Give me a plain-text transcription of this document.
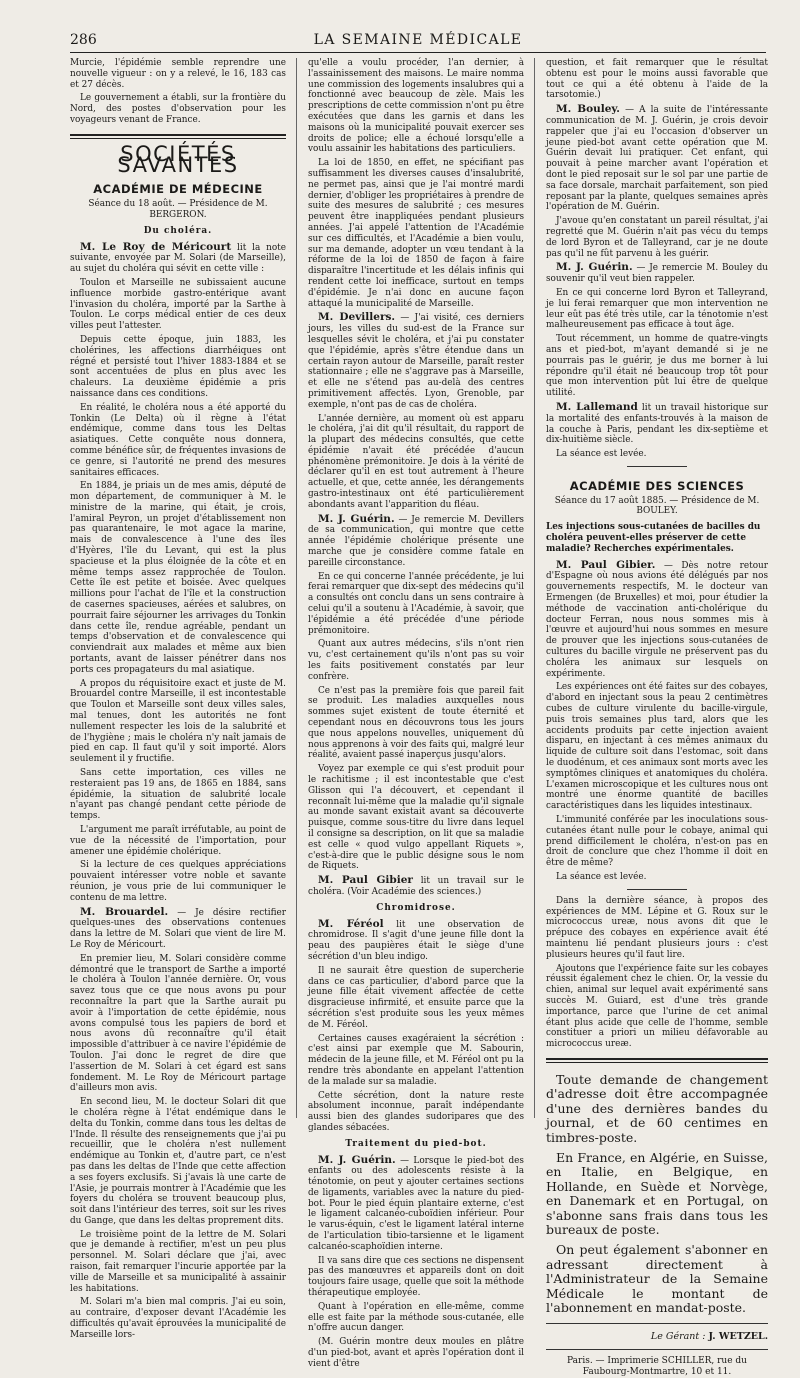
286	LA SEMAINE MÉDICALE

Murcie, l'épidémie semble reprendre une nouvelle vigueur : on y a relevé, le 16, 183 cas et 27 décès.

Le gouvernement a établi, sur la frontière du Nord, des postes d'observation pour les voyageurs venant de France.

SOCIÉTÉS SAVANTES
ACADÉMIE DE MÉDECINE
Séance du 18 août. — Présidence de M. BERGERON.
Du choléra.

M. Le Roy de Méricourt lit la note suivante, envoyée par M. Solari (de Marseille), au sujet du choléra qui sévit en cette ville :

Toulon et Marseille ne subissaient aucune influence morbide gastro-entérique avant l'invasion du choléra, importé par la Sarthe à Toulon. Le corps médical entier de ces deux villes peut l'attester.

Depuis cette époque, juin 1883, les cholérines, les affections diarrhéiques ont régné et persisté tout l'hiver 1883-1884 et se sont accentuées de plus en plus avec les chaleurs. La deuxième épidémie a pris naissance dans ces conditions.

En réalité, le choléra nous a été apporté du Tonkin (Le Delta) où il règne à l'état endémique, comme dans tous les Deltas asiatiques. Cette conquête nous donnera, comme bénéfice sûr, de fréquentes invasions de ce genre, si l'autorité ne prend des mesures sanitaires efficaces.

En 1884, je priais un de mes amis, député de mon département, de communiquer à M. le ministre de la marine, qui était, je crois, l'amiral Peyron, un projet d'établissement non pas quarantenaire, le mot agace la marine, mais de convalescence à l'une des îles d'Hyères, l'île du Levant, qui est la plus spacieuse et la plus éloignée de la côte et en même temps assez rapprochée de Toulon. Cette île est petite et boisée. Avec quelques millions pour l'achat de l'île et la construction de casernes spacieuses, aérées et salubres, on pourrait faire séjourner les arrivages du Tonkin dans cette île, rendue agréable, pendant un temps d'observation et de convalescence qui conviendrait aux malades et même aux bien portants, avant de laisser pénétrer dans nos ports ces propagateurs du mal asiatique.

A propos du réquisitoire exact et juste de M. Brouardel contre Marseille, il est incontestable que Toulon et Marseille sont deux villes sales, mal tenues, dont les autorités ne font nullement respecter les lois de la salubrité et de l'hygiène ; mais le choléra n'y naît jamais de pied en cap. Il faut qu'il y soit importé. Alors seulement il y fructifie.

Sans cette importation, ces villes ne resteraient pas 19 ans, de 1865 en 1884, sans épidémie, la situation de salubrité locale n'ayant pas changé pendant cette période de temps.

L'argument me paraît irréfutable, au point de vue de la nécessité de l'importation, pour amener une épidémie cholérique.

Si la lecture de ces quelques appréciations pouvaient intéresser votre noble et savante réunion, je vous prie de lui communiquer le contenu de ma lettre.

M. Brouardel. — Je désire rectifier quelques-unes des observations contenues dans la lettre de M. Solari que vient de lire M. Le Roy de Méricourt.

En premier lieu, M. Solari considère comme démontré que le transport de Sarthe a importé le choléra à Toulon l'année dernière. Or, vous savez tous que ce que nous avons pu pour reconnaître la part que la Sarthe aurait pu avoir à l'importation de cette épidémie, nous avons compulsé tous les papiers de bord et nous avons dû reconnaître qu'il était impossible d'attribuer à ce navire l'épidémie de Toulon. J'ai donc le regret de dire que l'assertion de M. Solari à cet égard est sans fondement. M. Le Roy de Méricourt partage d'ailleurs mon avis.

En second lieu, M. le docteur Solari dit que le choléra règne à l'état endémique dans le delta du Tonkin, comme dans tous les deltas de l'Inde. Il résulte des renseignements que j'ai pu recueillir, que le choléra n'est nullement endémique au Tonkin et, d'autre part, ce n'est pas dans les deltas de l'Inde que cette affection a ses foyers exclusifs. Si j'avais là une carte de l'Asie, je pourrais montrer à l'Académie que les foyers du choléra se trouvent beaucoup plus, soit dans l'intérieur des terres, soit sur les rives du Gange, que dans les deltas proprement dits.

Le troisième point de la lettre de M. Solari que je demande à rectifier, m'est un peu plus personnel. M. Solari déclare que j'ai, avec raison, fait remarquer l'incurie apportée par la ville de Marseille et sa municipalité à assainir les habitations.

M. Solari m'a bien mal compris. J'ai eu soin, au contraire, d'exposer devant l'Académie les difficultés qu'avait éprouvées la municipalité de Marseille lors-

qu'elle a voulu procéder, l'an dernier, à l'assainissement des maisons. Le maire nomma une commission des logements insalubres qui a fonctionné avec beaucoup de zèle. Mais les prescriptions de cette commission n'ont pu être exécutées que dans les garnis et dans les maisons où la municipalité pouvait exercer ses droits de police; elle a échoué lorsqu'elle a voulu assainir les habitations des particuliers.

La loi de 1850, en effet, ne spécifiant pas suffisamment les diverses causes d'insalubrité, ne permet pas, ainsi que je l'ai montré mardi dernier, d'obliger les propriétaires à prendre de suite des mesures de salubrité ; ces mesures peuvent être inappliquées pendant plusieurs années. J'ai appelé l'attention de l'Académie sur ces difficultés, et l'Académie a bien voulu, sur ma demande, adopter un vœu tendant à la réforme de la loi de 1850 de façon à faire disparaître l'incertitude et les délais infinis qui rendent cette loi inefficace, surtout en temps d'épidémie. Je n'ai donc en aucune façon attaqué la municipalité de Marseille.

M. Devillers. — J'ai visité, ces derniers jours, les villes du sud-est de la France sur lesquelles sévit le choléra, et j'ai pu constater que l'épidémie, après s'être étendue dans un certain rayon autour de Marseille, paraît rester stationnaire ; elle ne s'aggrave pas à Marseille, et elle ne s'étend pas au-delà des centres primitivement affectés. Lyon, Grenoble, par exemple, n'ont pas de cas de choléra.

L'année dernière, au moment où est apparu le choléra, j'ai dit qu'il résultait, du rapport de la plupart des médecins consultés, que cette épidémie n'avait été précédée d'aucun phénomène prémonitoire. Je dois à la vérité de déclarer qu'il en est tout autrement à l'heure actuelle, et que, cette année, les dérangements gastro-intestinaux ont été particulièrement abondants avant l'apparition du fléau.

M. J. Guérin. — Je remercie M. Devillers de sa communication, qui montre que cette année l'épidémie cholérique présente une marche que je considère comme fatale en pareille circonstance.

En ce qui concerne l'année précédente, je lui ferai remarquer que dix-sept des médecins qu'il a consultés ont conclu dans un sens contraire à celui qu'il a soutenu à l'Académie, à savoir, que l'épidémie a été précédée d'une période prémonitoire.

Quant aux autres médecins, s'ils n'ont rien vu, c'est certainement qu'ils n'ont pas su voir les faits positivement constatés par leur confrère.

Ce n'est pas la première fois que pareil fait se produit. Les maladies auxquelles nous sommes sujet existent de toute éternité et cependant nous en découvrons tous les jours que nous appelons nouvelles, uniquement dû nous apprenons à voir des faits qui, malgré leur réalité, avaient passé inaperçus jusqu'alors.

Voyez par exemple ce qui s'est produit pour le rachitisme ; il est incontestable que c'est Glisson qui l'a découvert, et cependant il reconnaît lui-même que la maladie qu'il signale au monde savant existait avant sa découverte puisque, comme sous-titre du livre dans lequel il consigne sa description, on lit que sa maladie est celle « quod vulgo appellant Riquets », c'est-à-dire que le public désigne sous le nom de Riquets.

M. Paul Gibier lit un travail sur le choléra. (Voir Académie des sciences.)

Chromidrose.

M. Féréol lit une observation de chromidrose. Il s'agit d'une jeune fille dont la peau des paupières était le siège d'une sécrétion d'un bleu indigo.

Il ne saurait être question de supercherie dans ce cas particulier, d'abord parce que la jeune fille était vivement affectée de cette disgracieuse infirmité, et ensuite parce que la sécrétion s'est produite sous les yeux mêmes de M. Féréol.

Certaines causes exagéraient la sécrétion : c'est ainsi par exemple que M. Sabourin, médecin de la jeune fille, et M. Féréol ont pu la rendre très abondante en appelant l'attention de la malade sur sa maladie.

Cette sécrétion, dont la nature reste absolument inconnue, paraît indépendante aussi bien des glandes sudoripares que des glandes sébacées.

Traitement du pied-bot.

M. J. Guérin. — Lorsque le pied-bot des enfants ou des adolescents résiste à la ténotomie, on peut y ajouter certaines sections de ligaments, variables avec la nature du pied-bot. Pour le pied équin plantaire externe, c'est le ligament calcanéo-cuboïdien inférieur. Pour le varus-équin, c'est le ligament latéral interne de l'articulation tibio-tarsienne et le ligament calcanéo-scaphoïdien interne.

Il va sans dire que ces sections ne dispensent pas des manœuvres et appareils dont on doit toujours faire usage, quelle que soit la méthode thérapeutique employée.

Quant à l'opération en elle-même, comme elle est faite par la méthode sous-cutanée, elle n'offre aucun danger.

(M. Guérin montre deux moules en plâtre d'un pied-bot, avant et après l'opération dont il vient d'être

question, et fait remarquer que le résultat obtenu est pour le moins aussi favorable que tout ce qui a été obtenu à l'aide de la tarsotomie.)

M. Bouley. — A la suite de l'intéressante communication de M. J. Guérin, je crois devoir rappeler que j'ai eu l'occasion d'observer un jeune pied-bot avant cette opération que M. Guérin devait lui pratiquer. Cet enfant, qui pouvait à peine marcher avant l'opération et dont le pied reposait sur le sol par une partie de sa face dorsale, marchait parfaitement, son pied reposant par la plante, quelques semaines après l'opération de M. Guérin.

J'avoue qu'en constatant un pareil résultat, j'ai regretté que M. Guérin n'ait pas vécu du temps de lord Byron et de Talleyrand, car je ne doute pas qu'il ne fût parvenu à les guérir.

M. J. Guérin. — Je remercie M. Bouley du souvenir qu'il veut bien rappeler.

En ce qui concerne lord Byron et Talleyrand, je lui ferai remarquer que mon intervention ne leur eût pas été très utile, car la ténotomie n'est malheureusement pas efficace à tout âge.

Tout récemment, un homme de quatre-vingts ans et pied-bot, m'ayant demandé si je ne pourrais pas le guérir, je dus me borner à lui répondre qu'il était né beaucoup trop tôt pour que mon intervention pût lui être de quelque utilité.

M. Lallemand lit un travail historique sur la mortalité des enfants-trouvés à la maison de la couche à Paris, pendant les dix-septième et dix-huitième siècle.

La séance est levée.

ACADÉMIE DES SCIENCES
Séance du 17 août 1885. — Présidence de M. BOULEY.
Les injections sous-cutanées de bacilles du choléra peuvent-elles préserver de cette maladie? Recherches expérimentales.

M. Paul Gibier. — Dès notre retour d'Espagne où nous avions été délégués par nos gouvernements respectifs, M. le docteur van Ermengen (de Bruxelles) et moi, pour étudier la méthode de vaccination anti-cholérique du docteur Ferran, nous nous sommes mis à l'œuvre et aujourd'hui nous sommes en mesure de prouver que les injections sous-cutanées de cultures du bacille virgule ne préservent pas du choléra les animaux sur lesquels on expérimente.

Les expériences ont été faites sur des cobayes, d'abord en injectant sous la peau 2 centimètres cubes de culture virulente du bacille-virgule, puis trois semaines plus tard, alors que les accidents produits par cette injection avaient disparu, en injectant à ces mêmes animaux du liquide de culture soit dans l'estomac, soit dans le duodénum, et ces animaux sont morts avec les symptômes cliniques et anatomiques du choléra. L'examen microscopique et les cultures nous ont montré une énorme quantité de bacilles caractéristiques dans les liquides intestinaux.

L'immunité conférée par les inoculations sous-cutanées étant nulle pour le cobaye, animal qui prend difficilement le choléra, n'est-on pas en droit de conclure que chez l'homme il doit en être de même?

La séance est levée.

Dans la dernière séance, à propos des expériences de MM. Lépine et G. Roux sur le micrococcus ureæ, nous avons dit que le prépuce des cobayes en expérience avait été maintenu lié pendant plusieurs jours : c'est plusieurs heures qu'il faut lire.

Ajoutons que l'expérience faite sur les cobayes réussit également chez le chien. Or, la vessie du chien, animal sur lequel avait expérimenté sans succès M. Guiard, est d'une très grande importance, parce que l'urine de cet animal étant plus acide que celle de l'homme, semble constituer a priori un milieu défavorable au micrococcus ureæ.

Toute demande de changement d'adresse doit être accompagnée d'une des dernières bandes du journal, et de 60 centimes en timbres-poste.

En France, en Algérie, en Suisse, en Italie, en Belgique, en Hollande, en Suède et Norvège, en Danemark et en Portugal, on s'abonne sans frais dans tous les bureaux de poste.

On peut également s'abonner en adressant directement à l'Administrateur de la Semaine Médicale le montant de l'abonnement en mandat-poste.

Le Gérant : J. WETZEL.
Paris. — Imprimerie SCHILLER, rue du Faubourg-Montmartre, 10 et 11.
